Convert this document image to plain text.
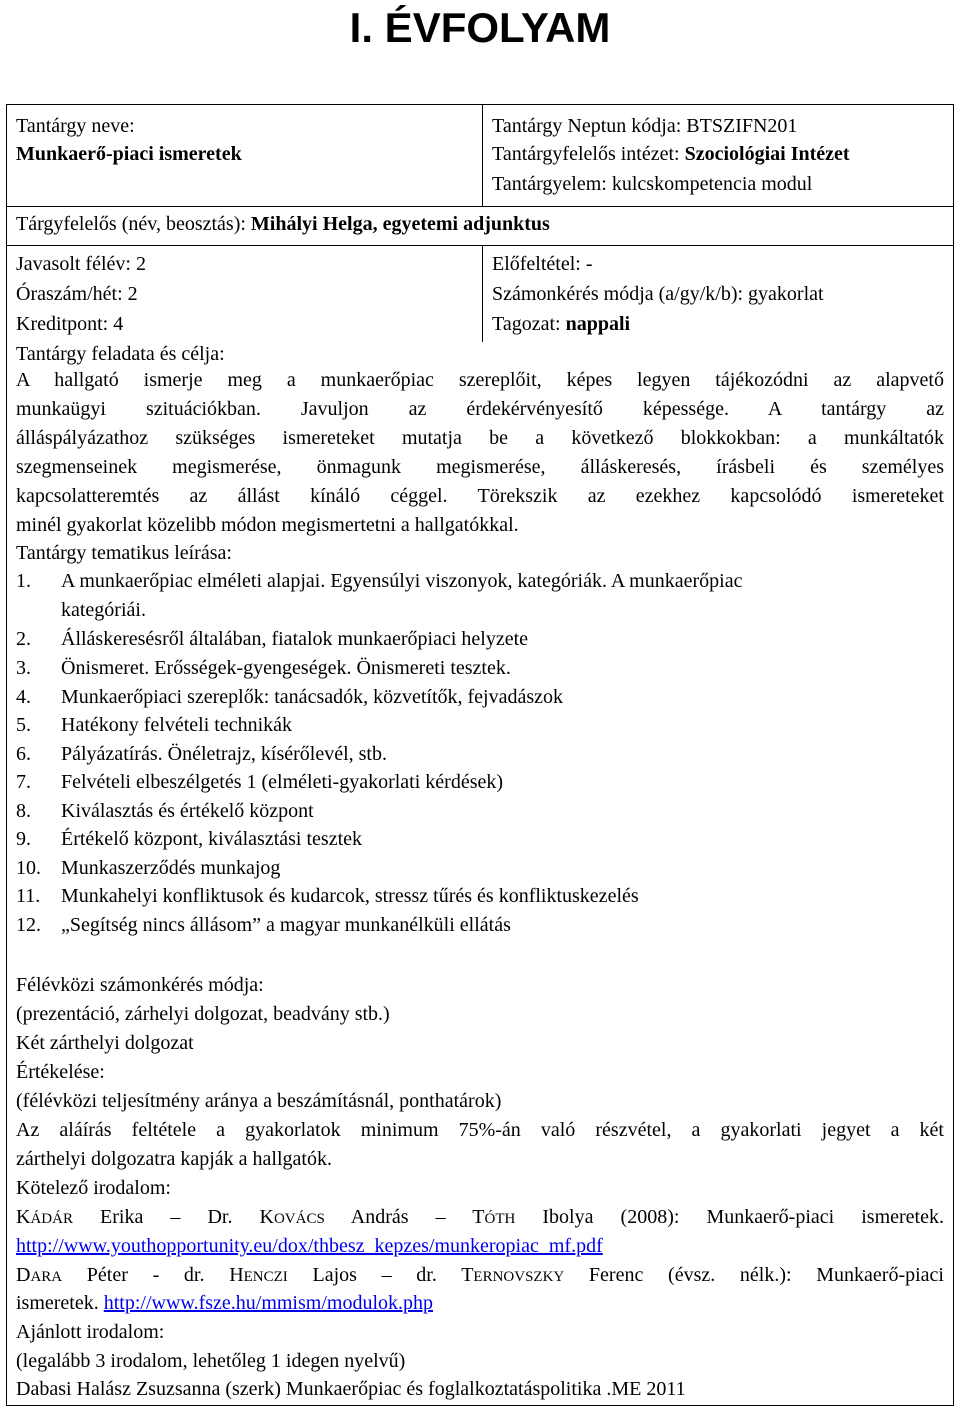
I. ÉVFOLYAM
Tantárgy neve:
Munkaerő-piaci ismeretek
Tantárgy Neptun kódja: BTSZIFN201
Tantárgyfelelős intézet: Szociológiai Intézet
Tantárgyelem: kulcskompetencia modul
Tárgyfelelős (név, beosztás): Mihályi Helga, egyetemi adjunktus
Javasolt félév: 2	Előfeltétel: -
Óraszám/hét: 2	Számonkérés módja (a/gy/k/b): gyakorlat
Kreditpont: 4	Tagozat: nappali
Tantárgy feladata és célja:
A hallgató ismerje meg a munkaerőpiac szereplőit, képes legyen tájékozódni az alapvető
munkaügyi szituációkban. Javuljon az érdekérvényesítő képessége. A tantárgy az
álláspályázathoz szükséges ismereteket mutatja be a következő blokkokban: a munkáltatók
szegmenseinek megismerése, önmagunk megismerése, álláskeresés, írásbeli és személyes
kapcsolatteremtés az állást kínáló céggel. Törekszik az ezekhez kapcsolódó ismereteket
minél gyakorlat közelibb módon megismertetni a hallgatókkal.
Tantárgy tematikus leírása:
1. A munkaerőpiac elméleti alapjai. Egyensúlyi viszonyok, kategóriák. A munkaerőpiac
kategóriái.
2. Álláskeresésről általában, fiatalok munkaerőpiaci helyzete
3. Önismeret. Erősségek-gyengeségek. Önismereti tesztek.
4. Munkaerőpiaci szereplők: tanácsadók, közvetítők, fejvadászok
5. Hatékony felvételi technikák
6. Pályázatírás. Önéletrajz, kísérőlevél, stb.
7. Felvételi elbeszélgetés 1 (elméleti-gyakorlati kérdések)
8. Kiválasztás és értékelő központ
9. Értékelő központ, kiválasztási tesztek
10. Munkaszerződés munkajog
11. Munkahelyi konfliktusok és kudarcok, stressz tűrés és konfliktuskezelés
12. „Segítség nincs állásom” a magyar munkanélküli ellátás
Félévközi számonkérés módja:
(prezentáció, zárhelyi dolgozat, beadvány stb.)
Két zárthelyi dolgozat
Értékelése:
(félévközi teljesítmény aránya a beszámításnál, ponthatárok)
Az aláírás feltétele a gyakorlatok minimum 75%-án való részvétel, a gyakorlati jegyet a két
zárthelyi dolgozatra kapják a hallgatók.
Kötelező irodalom:
KÁDÁR Erika – Dr. KOVÁCS András – TÓTH Ibolya (2008): Munkaerő-piaci ismeretek.
http://www.youthopportunity.eu/dox/thbesz_kepzes/munkeropiac_mf.pdf
DARA Péter - dr. HENCZI Lajos – dr. TERNOVSZKY Ferenc (évsz. nélk.): Munkaerő-piaci
ismeretek. http://www.fsze.hu/mmism/modulok.php
Ajánlott irodalom:
(legalább 3 irodalom, lehetőleg 1 idegen nyelvű)
Dabasi Halász Zsuzsanna (szerk) Munkaerőpiac és foglalkoztatáspolitika .ME 2011
